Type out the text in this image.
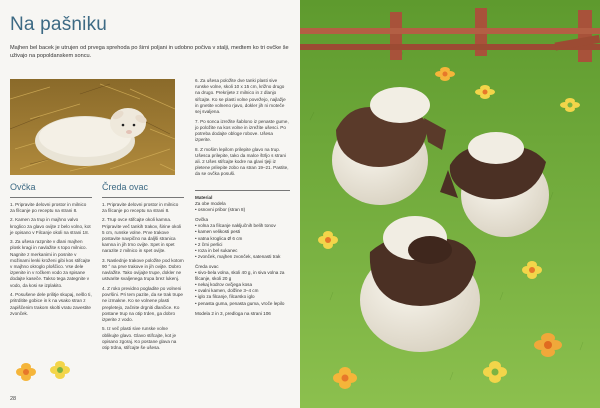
Na pašniku

Majhen bel bacek je utrujen od prvega sprehoda po širni poljani in udobno počiva v stalji, medtem ko tri ovčke še uživajo na popoldanskem soncu.

Ovčka

1. Pripravite delovni prostor in milnico za filcanje po receptu na strani 8.

2. Kamen za trup in majhno valvo kroglico za glavo ovijte z belo volno, kot je opisano v Filcanje okoli na strani 18.

3. Za ušesa razpnite v dlani majhen plosk kragi in navlažite s topo milnico. Nagnite z merkanimi in posnite v možinami lenki kroženi gibi kos stifcajte v majhno okroglo ploščico. Vse dele izpenite in v ročkem vodo za spisane dodajte kaseče. Takso tega zategnite v vodo, da kosi se izplakito.

4. Posušene dele prilitje skupaj, nešlo ti, pritrditite gobice in k na vsako stran z zapiščenim trakom skolti vratu zavestite zvonček.

Čreda ovac

1. Pripravite delovni prostor in milnico za filcanje po receptu na strani 8.

2. Trup ovce stifcajte okoli kamna. Pripravite več tankih trakov, širine okoli 5 cm, runske volne. Prve trakove postavite navpično na daljši stranica kamna in jih trno ovijte. Spet in spet narazite z milnico in spet ovijte.

3. Naslednje trakove položite pod kotom 90 ° na prve trakove in jih ovijte. Dobro navlažite. Tako ovijajte trupe, dokler ne ustvarite svaljenega trupa brez lukenj.

4. Z roko previdno pogladite po volneni površini. Pri tem pazite, da se trak trupe ne izmakne. Ko se volnene plasti prepletejo, začnite drgniti dlančice. Ko postane trup na otip trden, ga dobro izperite z vodo.

5. Iz več plasti sive runske volne oblikujte glavo. Glavo stifcajte, kot je opisano zgoraj. Ko postane glava na otip trdna, stifcajte še ušesa.

6. Za ušesa položite dve tanki plasti sive runske volne, skoli 10 x 15 cm, križno drugo na drugo. Prekrijete z milnico in z dlanjo sifcajte. Ko se plasti volne povežejo, najlažje in gnetite volneno rjavo, dokler jih ni moteče sej svaljena.

7. Po sonca izrežite šablono iz penaste gume, jo položite na kos volne in izrežite ušesci. Po potreba dodajte obloge robove. Ušesa izperite.

8. Z mošim lepilom prilepite glavo na trup. Ušesca prilepite, tako da malce štrljo s strani ali. 2 Ušes stifcajte kodre na glavi tjeji iz pletene prilepite zobo na stran 19–21. Pastite, da se ovčka posuši.

Material
Za obe modela
• osnovni pribor (stran 8)
Ovčka
• volna za filcanje naključnih belih tonov
• kamen velikosti pesti
• vatna kroglica Ø 6 cm
• 2 črni perlici
• roza in bel sukanec
• zvonček, majhen zvonček, satenasti trak
Čreda ovac
• sivo-bela volna, skoli 40 g, in siva volna za filcanje, skoli 20 g
• nekaj kodrov ovčjega kosa
• ovalni kamen, dolžine 3–4 cm
• iglo za filcanje, filcarsko iglo
• penasta guma, penasta guma, vroče lepilo
Modela 2 in 3, predloga na strani 106
28
